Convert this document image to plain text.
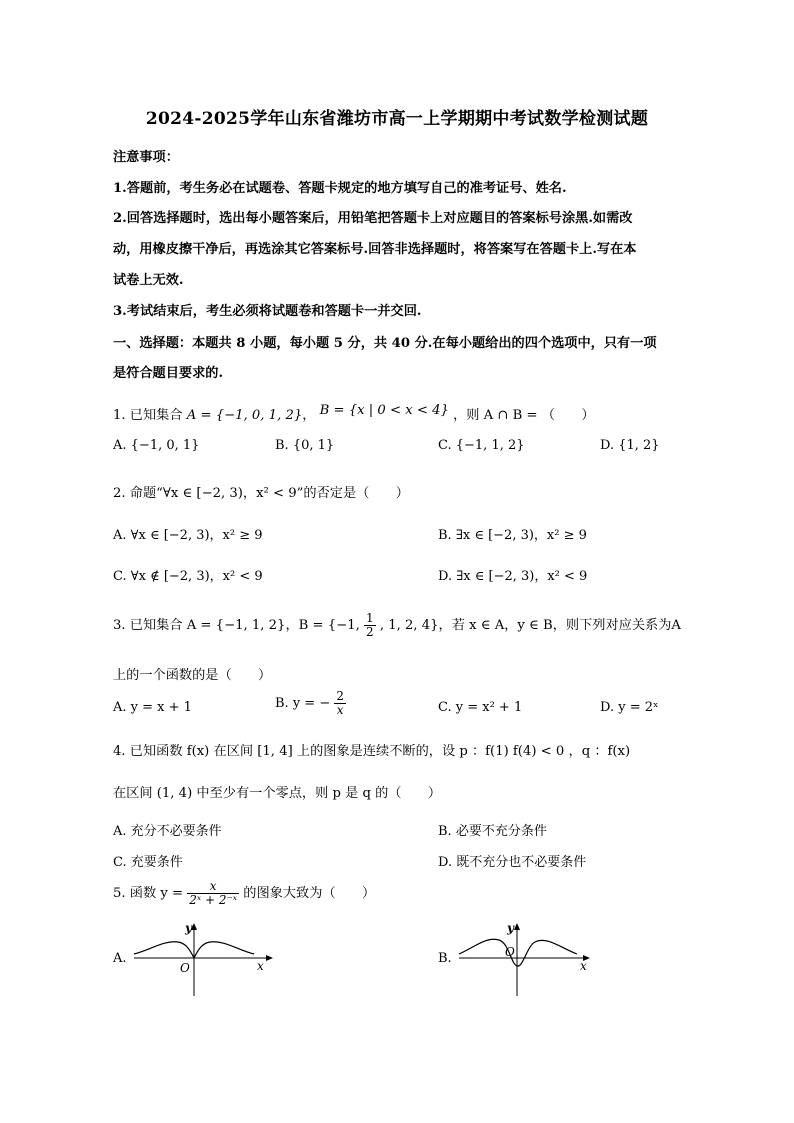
2024-2025学年山东省潍坊市高一上学期期中考试数学检测试题
注意事项：
1.答题前，考生务必在试题卷、答题卡规定的地方填写自己的准考证号、姓名.
2.回答选择题时，选出每小题答案后，用铅笔把答题卡上对应题目的答案标号涂黑.如需改
动，用橡皮擦干净后，再选涂其它答案标号.回答非选择题时，将答案写在答题卡上.写在本
试卷上无效.
3.考试结束后，考生必须将试题卷和答题卡一并交回.
一、选择题：本题共 8 小题，每小题 5 分，共 40 分.在每小题给出的四个选项中，只有一项
是符合题目要求的.
1. 已知集合 A = {−1, 0, 1, 2}， B = {x | 0 < x < 4} ，则 A ∩ B = （　　）
A. {−1, 0, 1}	B. {0, 1}	C. {−1, 1, 2}	D. {1, 2}
2. 命题“∀x ∈ [−2, 3)，x² < 9”的否定是（　　）
A. ∀x ∈ [−2, 3)，x² ≥ 9	B. ∃x ∈ [−2, 3)，x² ≥ 9
C. ∀x ∉ [−2, 3)，x² < 9	D. ∃x ∈ [−2, 3)，x² < 9
3. 已知集合 A = {−1, 1, 2}，B = {−1, $\frac{1}{2}$ , 1, 2, 4}，若 x ∈ A，y ∈ B，则下列对应关系为A
上的一个函数的是（　　）
A. y = x + 1	B. y = − $\frac{2}{x}$	C. y = x² + 1	D. y = 2ˣ
4. 已知函数 f(x) 在区间 [1, 4] 上的图象是连续不断的，设 p ：f(1) f(4) < 0 ，q ：f(x)
在区间 (1, 4) 中至少有一个零点，则 p 是 q 的（　　）
A. 充分不必要条件	B. 必要不充分条件
C. 充要条件	D. 既不充分也不必要条件
5. 函数 $y = \frac{x}{\text{2ˣ + 2⁻ˣ}}$ 的图象大致为（　　）
A.
y
x
O
B.
y
x
O
